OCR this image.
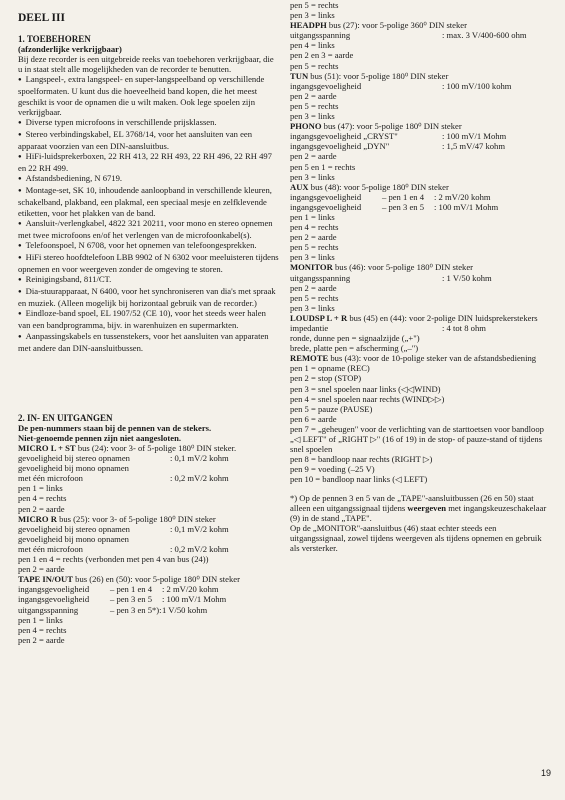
DEEL III
1. TOEBEHOREN
(afzonderlijke verkrijgbaar)
Bij deze recorder is een uitgebreide reeks van toebehoren verkrijgbaar, die u in staat stelt alle mogelijkheden van de recorder te benutten.
● Langspeel-, extra langspeel- en super-langspeelband op verschillende spoelformaten. U kunt dus die hoeveelheid band kopen, die het meest geschikt is voor de opnamen die u wilt maken. Ook lege spoelen zijn verkrijgbaar.
● Diverse typen microfoons in verschillende prijsklassen.
● Stereo verbindingskabel, EL 3768/14, voor het aansluiten van een apparaat voorzien van een DIN-aansluitbus.
● HiFi-luidsprekerboxen, 22 RH 413, 22 RH 493, 22 RH 496, 22 RH 497 en 22 RH 499.
● Afstandsbediening, N 6719.
● Montage-set, SK 10, inhoudende aanloopband in verschillende kleuren, schakelband, plakband, een plakmal, een speciaal mesje en zelfklevende etiketten, voor het plakken van de band.
● Aansluit-/verlengkabel, 4822 321 20211, voor mono en stereo opnemen met twee microfoons en/of het verlengen van de microfoonkabel(s).
● Telefoonspoel, N 6708, voor het opnemen van telefoongesprekken.
● HiFi stereo hoofdtelefoon LBB 9902 of N 6302 voor meeluisteren tijdens opnemen en voor weergeven zonder de omgeving te storen.
● Reinigingsband, 811/CT.
● Dia-stuurapparaat, N 6400, voor het synchroniseren van dia's met spraak en muziek. (Alleen mogelijk bij horizontaal gebruik van de recorder.)
● Eindloze-band spoel, EL 1907/52 (CE 10), voor het steeds weer halen van een bandprogramma, bijv. in warenhuizen en supermarkten.
● Aanpassingskabels en tussenstekers, voor het aansluiten van apparaten met andere dan DIN-aansluitbussen.
2. IN- EN UITGANGEN
De pen-nummers staan bij de pennen van de stekers.
Niet-genoemde pennen zijn niet aangesloten.
MICRO L + ST bus (24): voor 3- of 5-polige 180⁰ DIN steker.
gevoeligheid bij stereo opnamen	: 0,1 mV/2 kohm
gevoeligheid bij mono opnamen
met één microfoon	: 0,2 mV/2 kohm
pen 1 = links
pen 4 = rechts
pen 2 = aarde
MICRO R bus (25): voor 3- of 5-polige 180⁰ DIN steker
gevoeligheid bij stereo opnamen	: 0,1 mV/2 kohm
gevoeligheid bij mono opnamen
met één microfoon	: 0,2 mV/2 kohm
pen 1 en 4 = rechts (verbonden met pen 4 van bus (24))
pen 2 = aarde
TAPE IN/OUT bus (26) en (50): voor 5-polige 180⁰ DIN steker
ingangsgevoeligheid	– pen 1 en 4	: 2 mV/20 kohm
ingangsgevoeligheid	– pen 3 en 5	: 100 mV/1 Mohm
uitgangsspanning	– pen 3 en 5*): 1 V/50 kohm
pen 1 = links
pen 4 = rechts
pen 2 = aarde
pen 5 = rechts
pen 3 = links
HEADPH bus (27): voor 5-polige 360⁰ DIN steker
uitgangsspanning	: max. 3 V/400-600 ohm
pen 4 = links
pen 2 en 3 = aarde
pen 5 = rechts
TUN bus (51): voor 5-polige 180⁰ DIN steker
ingangsgevoeligheid	: 100 mV/100 kohm
pen 2 = aarde
pen 5 = rechts
pen 3 = links
PHONO bus (47): voor 5-polige 180⁰ DIN steker
ingangsgevoeligheid „CRYST"	: 100 mV/1 Mohm
ingangsgevoeligheid „DYN"	: 1,5 mV/47 kohm
pen 2 = aarde
pen 5 en 1 = rechts
pen 3 = links
AUX bus (48): voor 5-polige 180⁰ DIN steker
ingangsgevoeligheid	– pen 1 en 4	: 2 mV/20 kohm
ingangsgevoeligheid	– pen 3 en 5	: 100 mV/1 Mohm
pen 1 = links
pen 4 = rechts
pen 2 = aarde
pen 5 = rechts
pen 3 = links
MONITOR bus (46): voor 5-polige 180⁰ DIN steker
uitgangsspanning	: 1 V/50 kohm
pen 2 = aarde
pen 5 = rechts
pen 3 = links
LOUDSP L + R bus (45) en (44): voor 2-polige DIN luidsprekerstekers
impedantie	: 4 tot 8 ohm
ronde, dunne pen = signaalzijde („+")
brede, platte pen = afscherming („–")
REMOTE bus (43): voor de 10-polige steker van de afstandsbediening
pen 1 = opname (REC)
pen 2 = stop (STOP)
pen 3 = snel spoelen naar links (◁◁WIND)
pen 4 = snel spoelen naar rechts (WIND▷▷)
pen 5 = pauze (PAUSE)
pen 6 = aarde
pen 7 = „geheugen" voor de verlichting van de starttoetsen voor bandloop „◁ LEFT" of „RIGHT ▷" (16 of 19) in de stop- of pauze-stand of tijdens snel spoelen
pen 8 = bandloop naar rechts (RIGHT ▷)
pen 9 = voeding (–25 V)
pen 10 = bandloop naar links (◁ LEFT)
*) Op de pennen 3 en 5 van de „TAPE"-aansluitbussen (26 en 50) staat alleen een uitgangssignaal tijdens weergeven met ingangskeuzeschakelaar (9) in de stand „TAPE".
Op de „MONITOR"-aansluitbus (46) staat echter steeds een uitgangssignaal, zowel tijdens weergeven als tijdens opnemen en gebruik als versterker.
19
